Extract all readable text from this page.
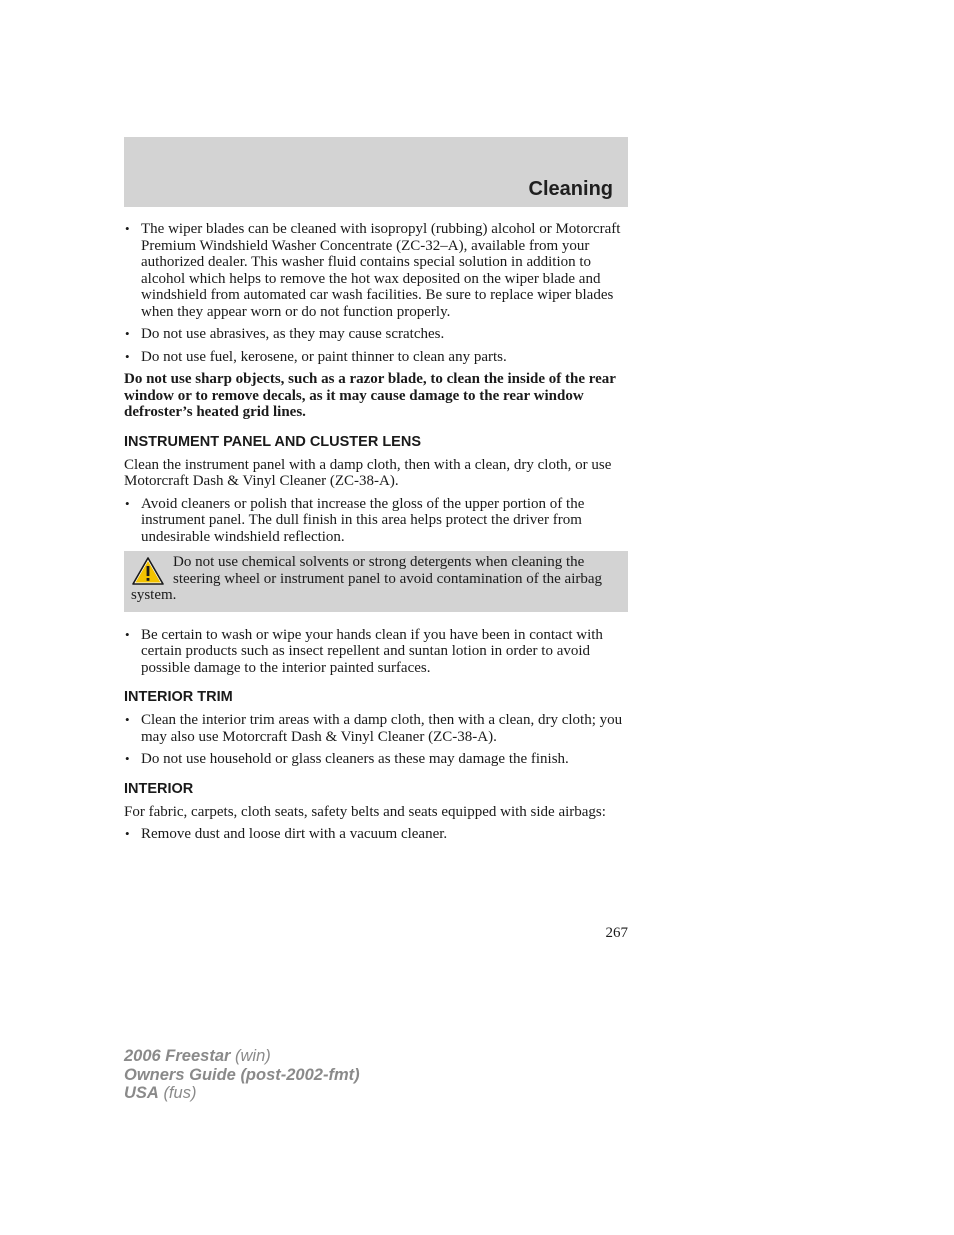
Cleaning
• The wiper blades can be cleaned with isopropyl (rubbing) alcohol or Motorcraft Premium Windshield Washer Concentrate (ZC-32–A), available from your authorized dealer. This washer fluid contains special solution in addition to alcohol which helps to remove the hot wax deposited on the wiper blade and windshield from automated car wash facilities. Be sure to replace wiper blades when they appear worn or do not function properly.
• Do not use abrasives, as they may cause scratches.
• Do not use fuel, kerosene, or paint thinner to clean any parts.

Do not use sharp objects, such as a razor blade, to clean the inside of the rear window or to remove decals, as it may cause damage to the rear window defroster’s heated grid lines.

INSTRUMENT PANEL AND CLUSTER LENS

Clean the instrument panel with a damp cloth, then with a clean, dry cloth, or use Motorcraft Dash & Vinyl Cleaner (ZC-38-A).

• Avoid cleaners or polish that increase the gloss of the upper portion of the instrument panel. The dull finish in this area helps protect the driver from undesirable windshield reflection.
Do not use chemical solvents or strong detergents when cleaning the steering wheel or instrument panel to avoid contamination of the airbag system.
• Be certain to wash or wipe your hands clean if you have been in contact with certain products such as insect repellent and suntan lotion in order to avoid possible damage to the interior painted surfaces.
INTERIOR TRIM
• Clean the interior trim areas with a damp cloth, then with a clean, dry cloth; you may also use Motorcraft Dash & Vinyl Cleaner (ZC-38-A).
• Do not use household or glass cleaners as these may damage the finish.
INTERIOR

For fabric, carpets, cloth seats, safety belts and seats equipped with side airbags:

• Remove dust and loose dirt with a vacuum cleaner.
267
2006 Freestar (win)
Owners Guide (post-2002-fmt)
USA (fus)
